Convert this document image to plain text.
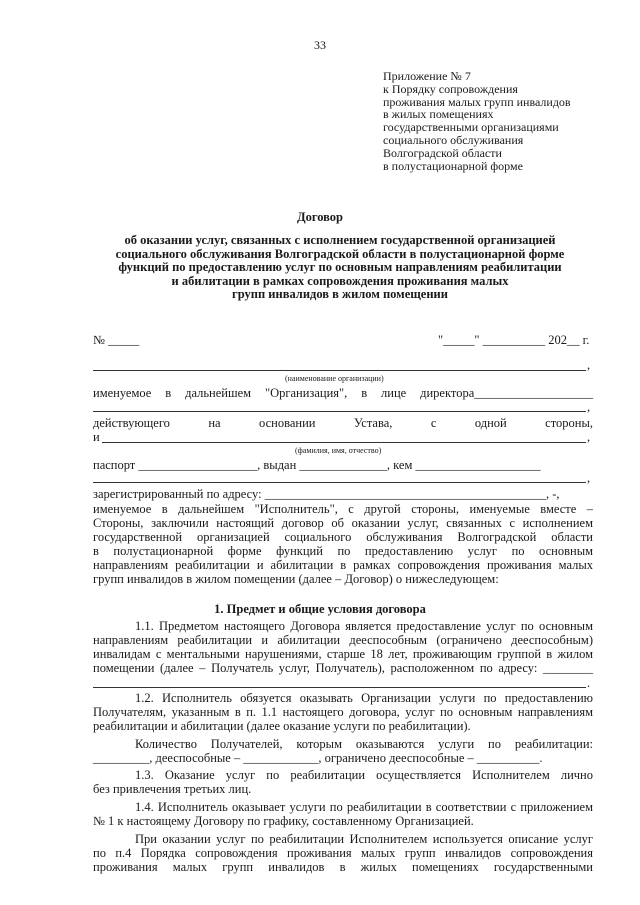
33
Приложение № 7
к Порядку сопровождения
проживания малых групп инвалидов
в жилых помещениях
государственными организациями
социального обслуживания
Волгоградской области
в полустационарной форме
Договор
об оказании услуг, связанных с исполнением государственной организацией
социального обслуживания Волгоградской области в полустационарной форме
функций по предоставлению услуг по основным направлениям реабилитации
и абилитации в рамках сопровождения проживания малых
групп инвалидов в жилом помещении
№ _____	"_____" __________ 202__ г.
,
(наименование организации)
именуемое в дальнейшем "Организация", в лице директора___________________
,
действующего на основании Устава, с одной стороны,
и	,
(фамилия, имя, отчество)
паспорт ___________________, выдан ______________, кем ____________________
,
зарегистрированный по адресу: _____________________________________________, -,
именуемое в дальнейшем "Исполнитель", с другой стороны, именуемые вместе –
Стороны, заключили настоящий договор об оказании услуг, связанных с исполнением
государственной организацией социального обслуживания Волгоградской области
в полустационарной форме функций по предоставлению услуг по основным
направлениям реабилитации и абилитации в рамках сопровождения проживания малых
групп инвалидов в жилом помещении (далее – Договор) о нижеследующем:
1. Предмет и общие условия договора
1.1. Предметом настоящего Договора является предоставление услуг по основным
направлениям реабилитации и абилитации дееспособным (ограничено дееспособным)
инвалидам с ментальными нарушениями, старше 18 лет, проживающим группой в жилом
помещении (далее – Получатель услуг, Получатель), расположенном по адресу: ________
.
1.2. Исполнитель обязуется оказывать Организации услуги по предоставлению
Получателям, указанным в п. 1.1 настоящего договора, услуг по основным направлениям
реабилитации и абилитации (далее оказание услуги по реабилитации).
Количество Получателей, которым оказываются услуги по реабилитации:
_________, дееспособные – ____________, ограничено дееспособные – __________.
1.3. Оказание услуг по реабилитации осуществляется Исполнителем лично
без привлечения третьих лиц.
1.4. Исполнитель оказывает услуги по реабилитации в соответствии с приложением
№ 1 к настоящему Договору по графику, составленному Организацией.
При оказании услуг по реабилитации Исполнителем используется описание услуг
по п.4 Порядка сопровождения проживания малых групп инвалидов сопровождения
проживания малых групп инвалидов в жилых помещениях государственными
